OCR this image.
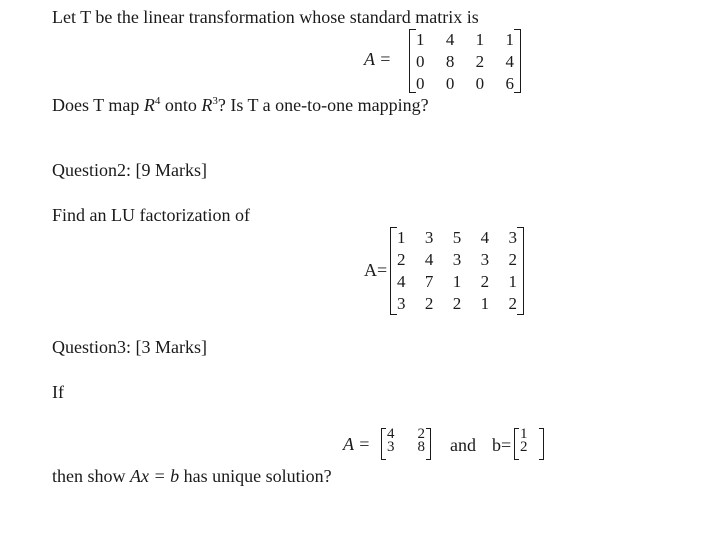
Let T be the linear transformation whose standard matrix is
A =
1 4 1 1
0 8 2 4
0 0 0 6
Does T map $R^4$ onto $R^3$? Is T a one-to-one mapping?
Question2: [9 Marks]
Find an LU factorization of
A=
1 3 5 4 3
2 4 3 3 2
4 7 1 2 1
3 2 2 1 2
Question3: [3 Marks]
If
A = 4 2
3 8 and b=
1
2
then show Ax = b has unique solution?
